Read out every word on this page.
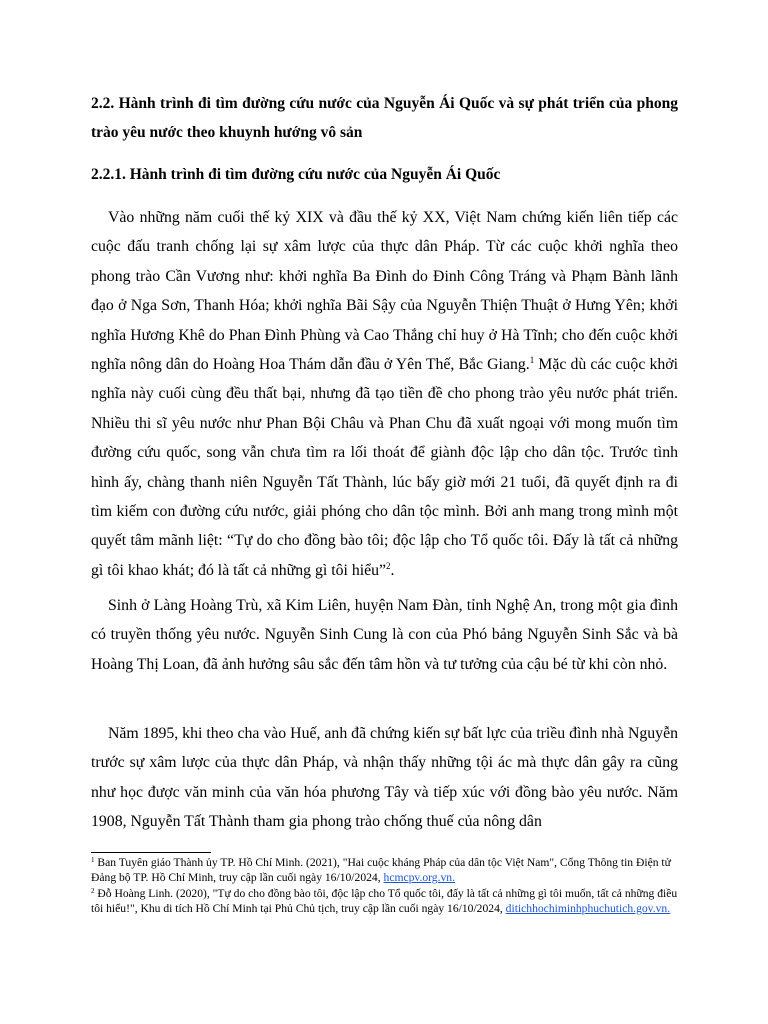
2.2. Hành trình đi tìm đường cứu nước của Nguyễn Ái Quốc và sự phát triển của phong trào yêu nước theo khuynh hướng vô sản

2.2.1. Hành trình đi tìm đường cứu nước của Nguyễn Ái Quốc

Vào những năm cuối thế kỷ XIX và đầu thế kỷ XX, Việt Nam chứng kiến liên tiếp các cuộc đấu tranh chống lại sự xâm lược của thực dân Pháp. Từ các cuộc khởi nghĩa theo phong trào Cần Vương như: khởi nghĩa Ba Đình do Đinh Công Tráng và Phạm Bành lãnh đạo ở Nga Sơn, Thanh Hóa; khởi nghĩa Bãi Sậy của Nguyễn Thiện Thuật ở Hưng Yên; khởi nghĩa Hương Khê do Phan Đình Phùng và Cao Thắng chỉ huy ở Hà Tĩnh; cho đến cuộc khởi nghĩa nông dân do Hoàng Hoa Thám dẫn đầu ở Yên Thế, Bắc Giang.$^1$ Mặc dù các cuộc khởi nghĩa này cuối cùng đều thất bại, nhưng đã tạo tiền đề cho phong trào yêu nước phát triển. Nhiều thi sĩ yêu nước như Phan Bội Châu và Phan Chu đã xuất ngoại với mong muốn tìm đường cứu quốc, song vẫn chưa tìm ra lối thoát để giành độc lập cho dân tộc. Trước tình hình ấy, chàng thanh niên Nguyễn Tất Thành, lúc bấy giờ mới 21 tuổi, đã quyết định ra đi tìm kiếm con đường cứu nước, giải phóng cho dân tộc mình. Bởi anh mang trong mình một quyết tâm mãnh liệt: “Tự do cho đồng bào tôi; độc lập cho Tổ quốc tôi. Đấy là tất cả những gì tôi khao khát; đó là tất cả những gì tôi hiểu”$^2$.

Sinh ở Làng Hoàng Trù, xã Kim Liên, huyện Nam Đàn, tỉnh Nghệ An, trong một gia đình có truyền thống yêu nước. Nguyễn Sinh Cung là con của Phó bảng Nguyễn Sinh Sắc và bà Hoàng Thị Loan, đã ảnh hưởng sâu sắc đến tâm hồn và tư tưởng của cậu bé từ khi còn nhỏ.

Năm 1895, khi theo cha vào Huế, anh đã chứng kiến sự bất lực của triều đình nhà Nguyễn trước sự xâm lược của thực dân Pháp, và nhận thấy những tội ác mà thực dân gây ra cũng như học được văn minh của văn hóa phương Tây và tiếp xúc với đồng bào yêu nước. Năm 1908, Nguyễn Tất Thành tham gia phong trào chống thuế của nông dân

$^1$ Ban Tuyên giáo Thành ủy TP. Hồ Chí Minh. (2021), "Hai cuộc kháng Pháp của dân tộc Việt Nam", Cổng Thông tin Điện tử Đảng bộ TP. Hồ Chí Minh, truy cập lần cuối ngày 16/10/2024, hcmcpv.org.vn.

$^2$ Đỗ Hoàng Linh. (2020), "Tự do cho đồng bào tôi, độc lập cho Tổ quốc tôi, đấy là tất cả những gì tôi muốn, tất cả những điều tôi hiểu!", Khu di tích Hồ Chí Minh tại Phủ Chủ tịch, truy cập lần cuối ngày 16/10/2024, ditichhochiminhphuchutich.gov.vn.
